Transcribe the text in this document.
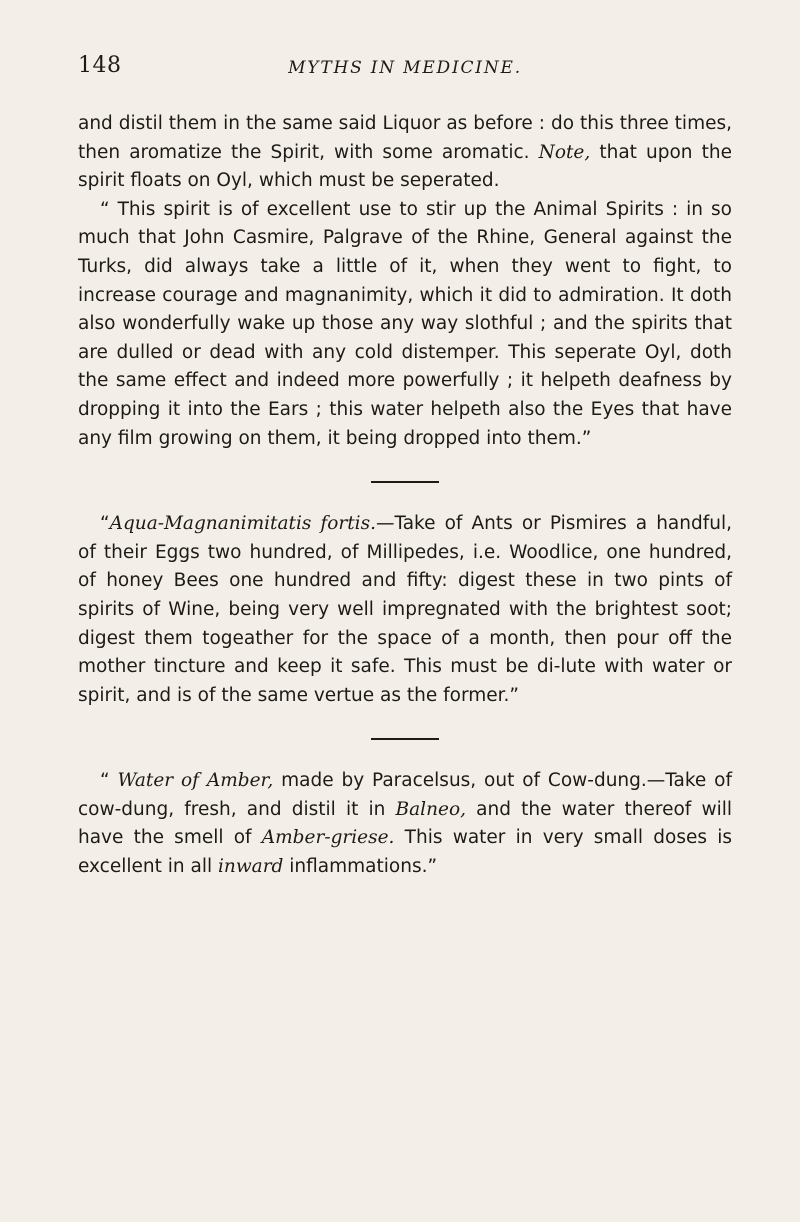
148	MYTHS IN MEDICINE.

and distil them in the same said Liquor as before : do this three times, then aromatize the Spirit, with some aromatic. Note, that upon the spirit floats on Oyl, which must be seperated.

“ This spirit is of excellent use to stir up the Animal Spirits : in so much that John Casmire, Palgrave of the Rhine, General against the Turks, did always take a little of it, when they went to fight, to increase courage and magnanimity, which it did to admiration. It doth also wonderfully wake up those any way slothful ; and the spirits that are dulled or dead with any cold distemper. This seperate Oyl, doth the same effect and indeed more powerfully ; it helpeth deafness by dropping it into the Ears ; this water helpeth also the Eyes that have any film growing on them, it being dropped into them.”

“Aqua-Magnanimitatis fortis.—Take of Ants or Pismires a handful, of their Eggs two hundred, of Millipedes, i.e. Woodlice, one hundred, of honey Bees one hundred and fifty: digest these in two pints of spirits of Wine, being very well impregnated with the brightest soot; digest them togeather for the space of a month, then pour off the mother tincture and keep it safe. This must be di-lute with water or spirit, and is of the same vertue as the former.”

“ Water of Amber, made by Paracelsus, out of Cow-dung.—Take of cow-dung, fresh, and distil it in Balneo, and the water thereof will have the smell of Amber-griese. This water in very small doses is excellent in all inward inflammations.”
